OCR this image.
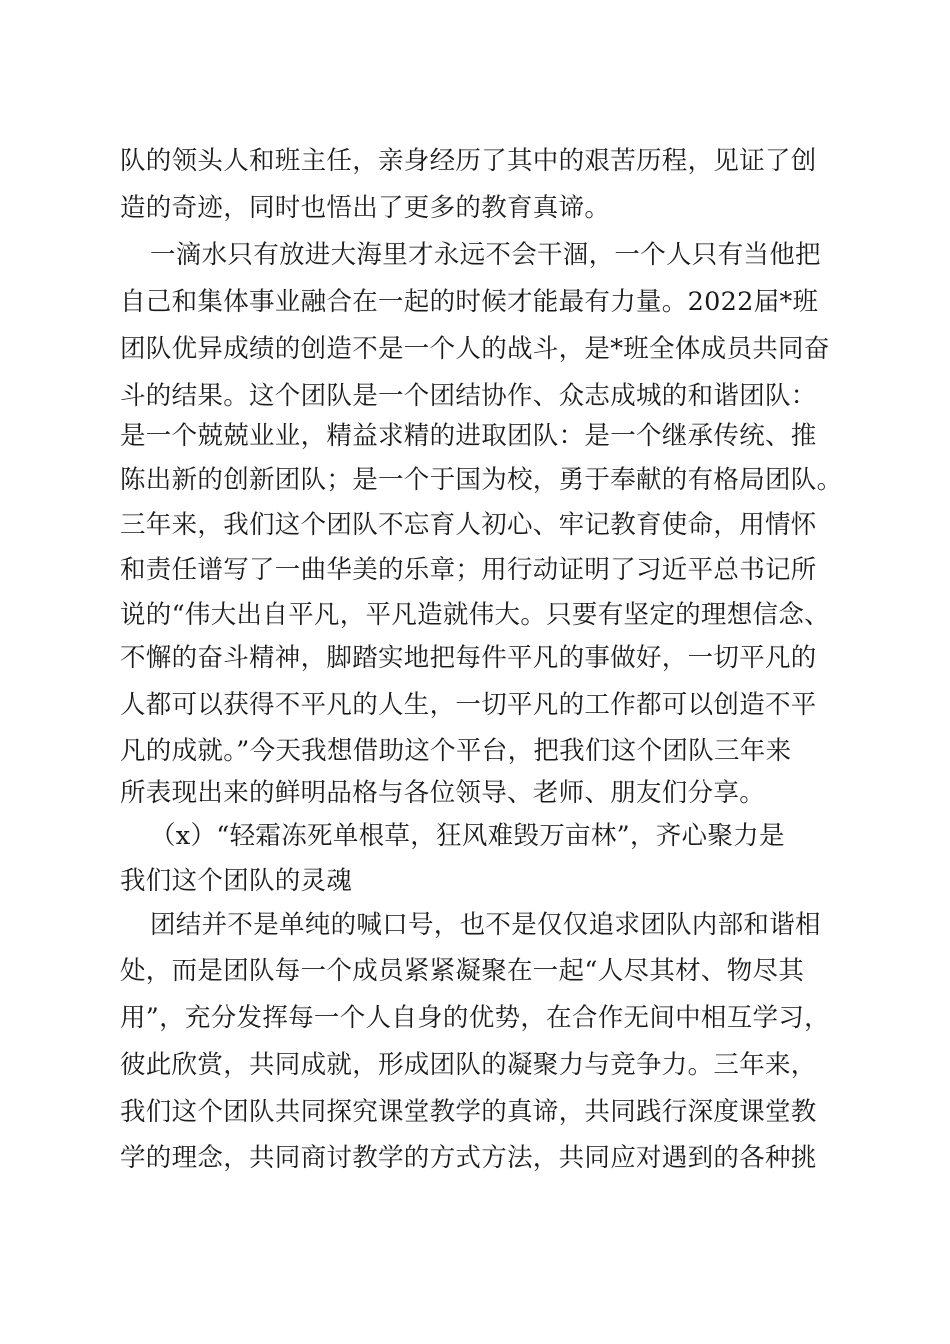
队的领头人和班主任，亲身经历了其中的艰苦历程，见证了创

造的奇迹，同时也悟出了更多的教育真谛。

一滴水只有放进大海里才永远不会干涸，一个人只有当他把

自己和集体事业融合在一起的时候才能最有力量。2022届*班

团队优异成绩的创造不是一个人的战斗，是*班全体成员共同奋

斗的结果。这个团队是一个团结协作、众志成城的和谐团队：

是一个兢兢业业，精益求精的进取团队：是一个继承传统、推

陈出新的创新团队；是一个于国为校，勇于奉献的有格局团队。

三年来，我们这个团队不忘育人初心、牢记教育使命，用情怀

和责任谱写了一曲华美的乐章；用行动证明了习近平总书记所

说的“伟大出自平凡，平凡造就伟大。只要有坚定的理想信念、

不懈的奋斗精神，脚踏实地把每件平凡的事做好，一切平凡的

人都可以获得不平凡的人生，一切平凡的工作都可以创造不平

凡的成就。”今天我想借助这个平台，把我们这个团队三年来

所表现出来的鲜明品格与各位领导、老师、朋友们分享。

（x）“轻霜冻死单根草，狂风难毁万亩林”，齐心聚力是

我们这个团队的灵魂

团结并不是单纯的喊口号，也不是仅仅追求团队内部和谐相

处，而是团队每一个成员紧紧凝聚在一起“人尽其材、物尽其

用”，充分发挥每一个人自身的优势，在合作无间中相互学习，

彼此欣赏，共同成就，形成团队的凝聚力与竞争力。三年来，

我们这个团队共同探究课堂教学的真谛，共同践行深度课堂教

学的理念，共同商讨教学的方式方法，共同应对遇到的各种挑
